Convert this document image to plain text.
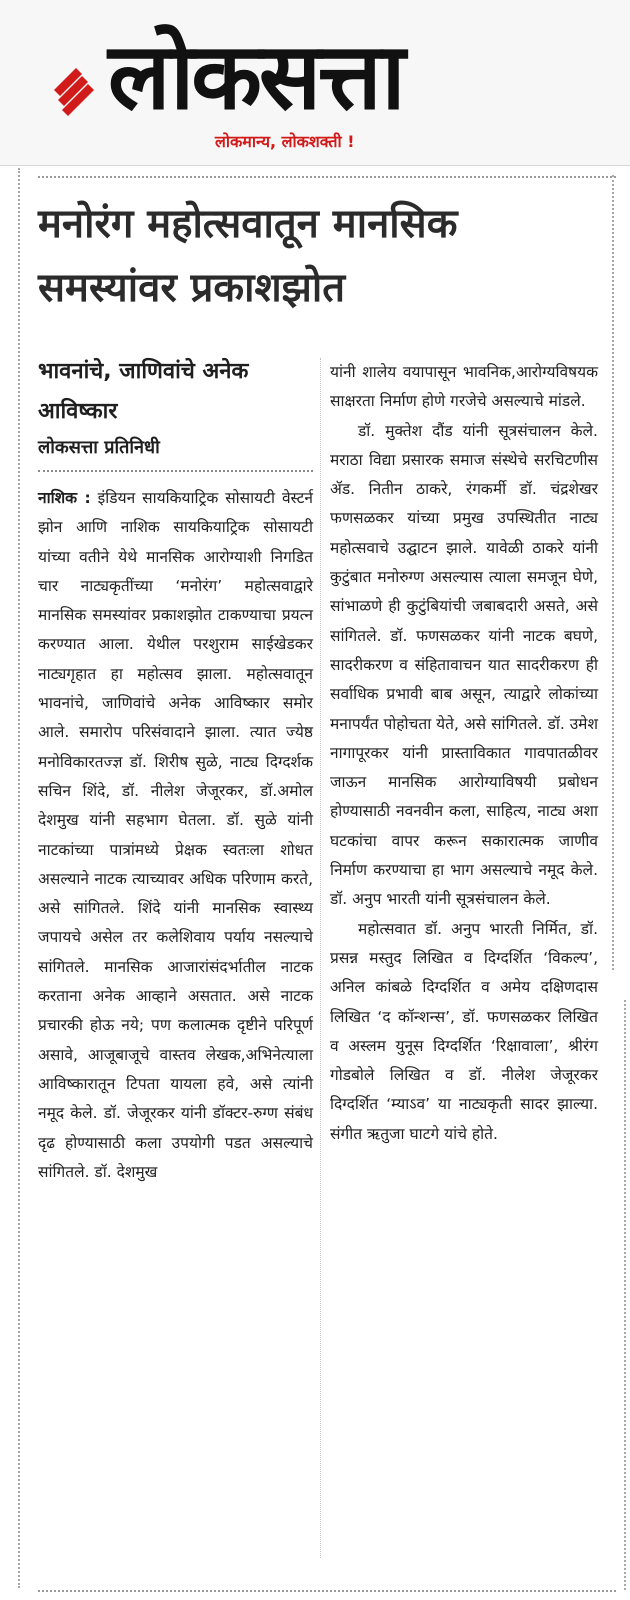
लोकसत्ता
लोकमान्य, लोकशक्ती !
मनोरंग महोत्सवातून मानसिक समस्यांवर प्रकाशझोत
भावनांचे, जाणिवांचे अनेक आविष्कार
लोकसत्ता प्रतिनिधी

नाशिक : इंडियन सायकियाट्रिक सोसायटी वेस्टर्न झोन आणि नाशिक सायकियाट्रिक सोसायटी यांच्या वतीने येथे मानसिक आरोग्याशी निगडित चार नाट्यकृतींच्या ‘मनोरंग’ महोत्सवाद्वारे मानसिक समस्यांवर प्रकाशझोत टाकण्याचा प्रयत्न करण्यात आला. येथील परशुराम साईखेडकर नाट्यगृहात हा महोत्सव झाला. महोत्सवातून भावनांचे, जाणिवांचे अनेक आविष्कार समोर आले. समारोप परिसंवादाने झाला. त्यात ज्येष्ठ मनोविकारतज्ज्ञ डॉ. शिरीष सुळे, नाट्य दिग्दर्शक सचिन शिंदे, डॉ. नीलेश जेजूरकर, डॉ.अमोल देशमुख यांनी सहभाग घेतला. डॉ. सुळे यांनी नाटकांच्या पात्रांमध्ये प्रेक्षक स्वतःला शोधत असल्याने नाटक त्याच्यावर अधिक परिणाम करते, असे सांगितले. शिंदे यांनी मानसिक स्वास्थ्य जपायचे असेल तर कलेशिवाय पर्याय नसल्याचे सांगितले. मानसिक आजारांसंदर्भातील नाटक करताना अनेक आव्हाने असतात. असे नाटक प्रचारकी होऊ नये; पण कलात्मक दृष्टीने परिपूर्ण असावे, आजूबाजूचे वास्तव लेखक,अभिनेत्याला आविष्कारातून टिपता यायला हवे, असे त्यांनी नमूद केले. डॉ. जेजूरकर यांनी डॉक्टर-रुग्ण संबंध दृढ होण्यासाठी कला उपयोगी पडत असल्याचे सांगितले. डॉ. देशमुख

यांनी शालेय वयापासून भावनिक,आरोग्यविषयक साक्षरता निर्माण होणे गरजेचे असल्याचे मांडले.

डॉ. मुक्तेश दौंड यांनी सूत्रसंचालन केले. मराठा विद्या प्रसारक समाज संस्थेचे सरचिटणीस ॲड. नितीन ठाकरे, रंगकर्मी डॉ. चंद्रशेखर फणसळकर यांच्या प्रमुख उपस्थितीत नाट्य महोत्सवाचे उद्घाटन झाले. यावेळी ठाकरे यांनी कुटुंबात मनोरुग्ण असल्यास त्याला समजून घेणे, सांभाळणे ही कुटुंबियांची जबाबदारी असते, असे सांगितले. डॉ. फणसळकर यांनी नाटक बघणे, सादरीकरण व संहितावाचन यात सादरीकरण ही सर्वाधिक प्रभावी बाब असून, त्याद्वारे लोकांच्या मनापर्यंत पोहोचता येते, असे सांगितले. डॉ. उमेश नागापूरकर यांनी प्रास्ताविकात गावपातळीवर जाऊन मानसिक आरोग्याविषयी प्रबोधन होण्यासाठी नवनवीन कला, साहित्य, नाट्य अशा घटकांचा वापर करून सकारात्मक जाणीव निर्माण करण्याचा हा भाग असल्याचे नमूद केले. डॉ. अनुप भारती यांनी सूत्रसंचालन केले.

महोत्सवात डॉ. अनुप भारती निर्मित, डॉ. प्रसन्न मस्तुद लिखित व दिग्दर्शित ‘विकल्प’, अनिल कांबळे दिग्दर्शित व अमेय दक्षिणदास लिखित ‘द कॉन्शन्स’, डॉ. फणसळकर लिखित व अस्लम युनूस दिग्दर्शित ‘रिक्षावाला’, श्रीरंग गोडबोले लिखित व डॉ. नीलेश जेजूरकर दिग्दर्शित ‘म्याऽव’ या नाट्यकृती सादर झाल्या. संगीत ऋतुजा घाटगे यांचे होते.
